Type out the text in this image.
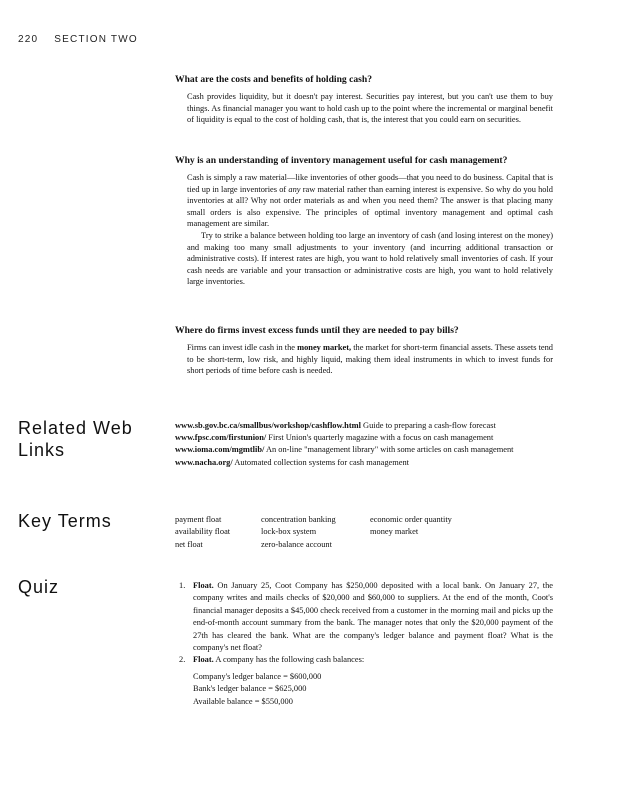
220 SECTION TWO
What are the costs and benefits of holding cash?
Cash provides liquidity, but it doesn't pay interest. Securities pay interest, but you can't use them to buy things. As financial manager you want to hold cash up to the point where the incremental or marginal benefit of liquidity is equal to the cost of holding cash, that is, the interest that you could earn on securities.
Why is an understanding of inventory management useful for cash management?
Cash is simply a raw material—like inventories of other goods—that you need to do business. Capital that is tied up in large inventories of any raw material rather than earning interest is expensive. So why do you hold inventories at all? Why not order materials as and when you need them? The answer is that placing many small orders is also expensive. The principles of optimal inventory management and optimal cash management are similar.
Try to strike a balance between holding too large an inventory of cash (and losing interest on the money) and making too many small adjustments to your inventory (and incurring additional transaction or administrative costs). If interest rates are high, you want to hold relatively small inventories of cash. If your cash needs are variable and your transaction or administrative costs are high, you want to hold relatively large inventories.
Where do firms invest excess funds until they are needed to pay bills?
Firms can invest idle cash in the money market, the market for short-term financial assets. These assets tend to be short-term, low risk, and highly liquid, making them ideal instruments in which to invest funds for short periods of time before cash is needed.
Related Web Links
www.sb.gov.bc.ca/smallbus/workshop/cashflow.html Guide to preparing a cash-flow forecast
www.fpsc.com/firstunion/ First Union's quarterly magazine with a focus on cash management
www.ioma.com/mgmtlib/ An on-line "management library" with some articles on cash management
www.nacha.org/ Automated collection systems for cash management
Key Terms	payment float
availability float
net float
concentration banking
lock-box system
zero-balance account
economic order quantity
money market
Quiz	1. Float. On January 25, Coot Company has $250,000 deposited with a local bank. On January 27, the company writes and mails checks of $20,000 and $60,000 to suppliers. At the end of the month, Coot's financial manager deposits a $45,000 check received from a customer in the morning mail and picks up the end-of-month account summary from the bank. The manager notes that only the $20,000 payment of the 27th has cleared the bank. What are the company's ledger balance and payment float? What is the company's net float?
2. Float. A company has the following cash balances:
Company's ledger balance = $600,000
Bank's ledger balance = $625,000
Available balance = $550,000
